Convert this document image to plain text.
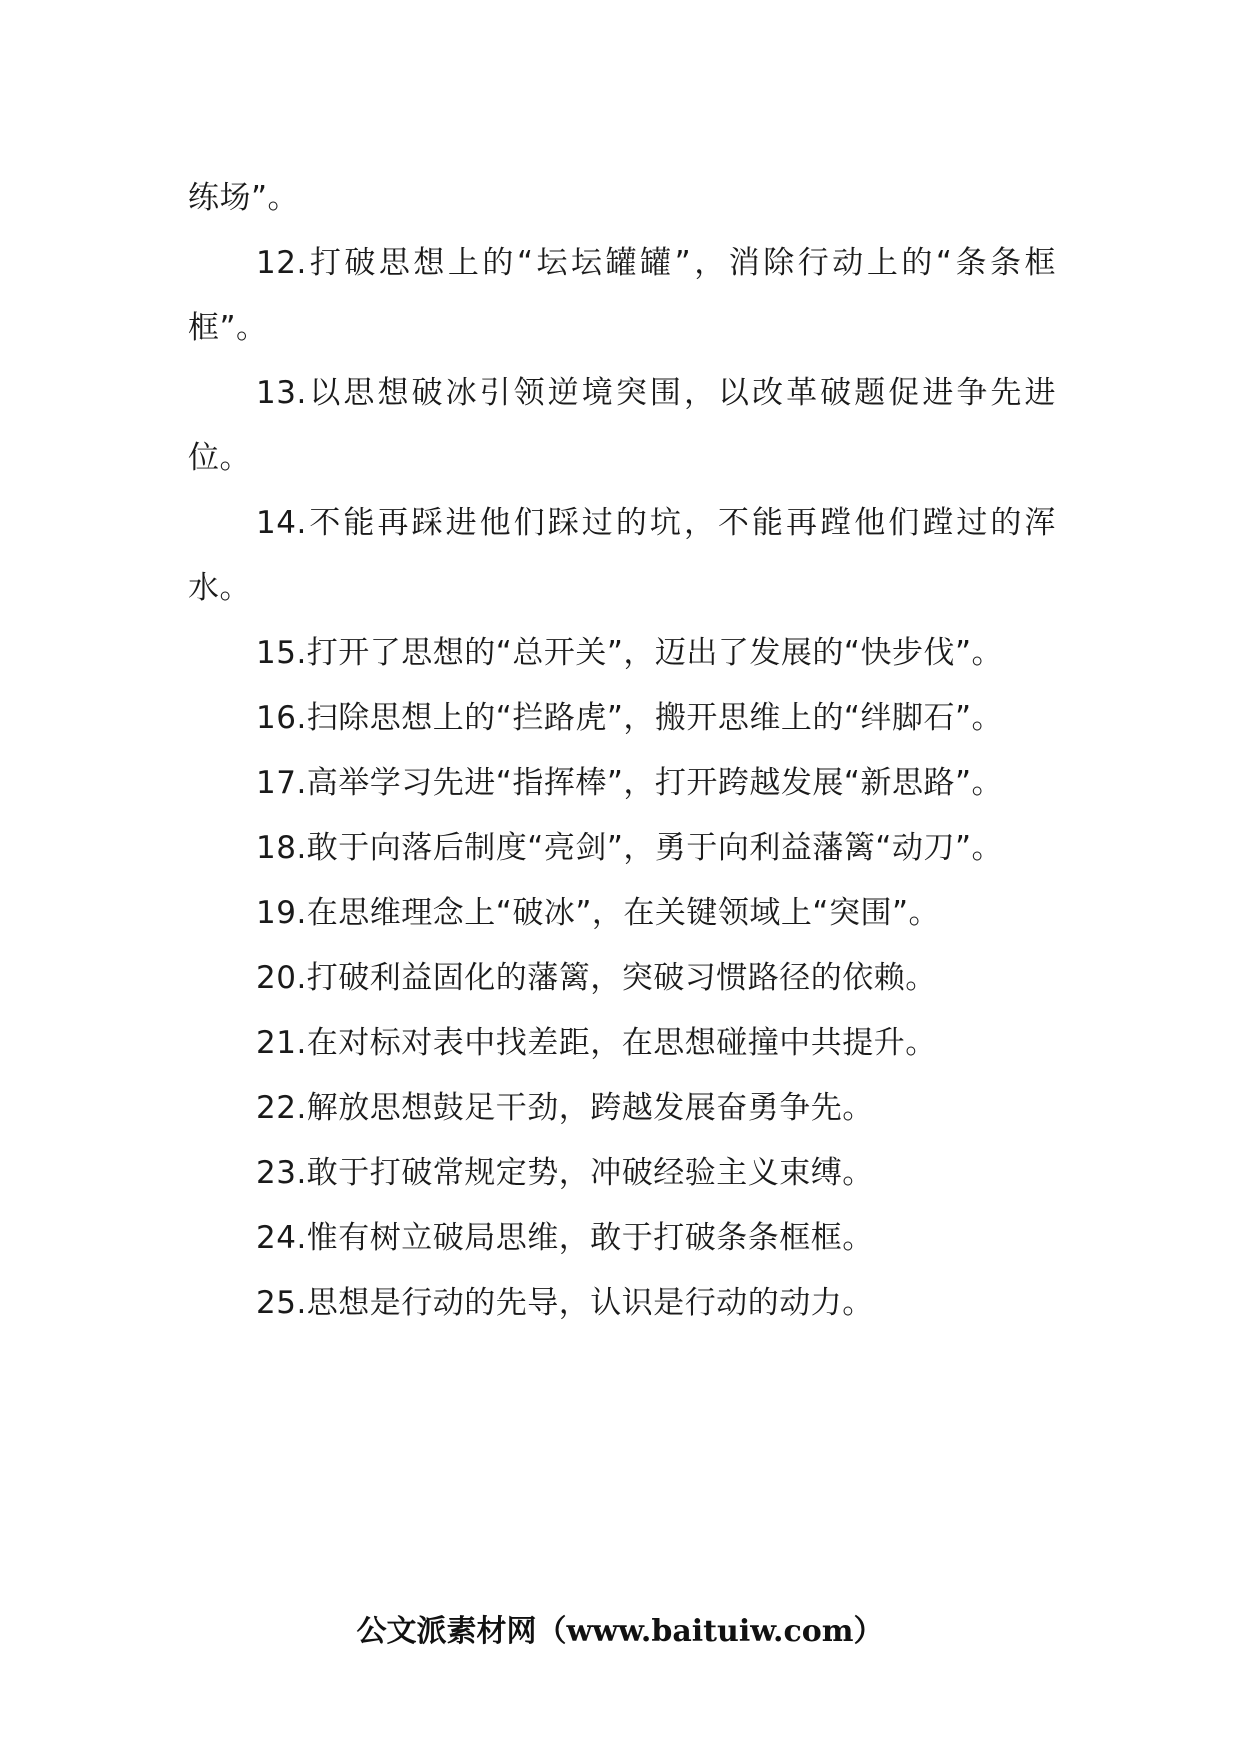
练场”。

12.打破思想上的“坛坛罐罐”，消除行动上的“条条框框”。

13.以思想破冰引领逆境突围，以改革破题促进争先进位。

14.不能再踩进他们踩过的坑，不能再蹚他们蹚过的浑水。

15.打开了思想的“总开关”，迈出了发展的“快步伐”。

16.扫除思想上的“拦路虎”，搬开思维上的“绊脚石”。

17.高举学习先进“指挥棒”，打开跨越发展“新思路”。

18.敢于向落后制度“亮剑”，勇于向利益藩篱“动刀”。

19.在思维理念上“破冰”，在关键领域上“突围”。

20.打破利益固化的藩篱，突破习惯路径的依赖。

21.在对标对表中找差距，在思想碰撞中共提升。

22.解放思想鼓足干劲，跨越发展奋勇争先。

23.敢于打破常规定势，冲破经验主义束缚。

24.惟有树立破局思维，敢于打破条条框框。

25.思想是行动的先导，认识是行动的动力。

公文派素材网（www.baituiw.com）
